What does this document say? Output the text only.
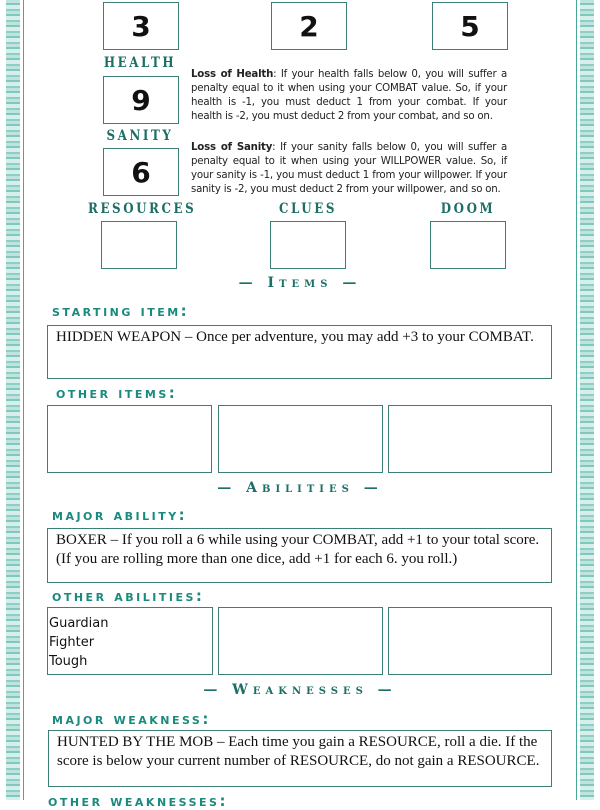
3	2	5
HEALTH
9
SANITY
6
Loss of Health: If your health falls below 0, you will suffer a penalty equal to it when using your COMBAT value. So, if your health is -1, you must deduct 1 from your combat. If your health is -2, you must deduct 2 from your combat, and so on.
Loss of Sanity: If your sanity falls below 0, you will suffer a penalty equal to it when using your WILLPOWER value. So, if your sanity is -1, you must deduct 1 from your willpower. If your sanity is -2, you must deduct 2 from your willpower, and so on.
RESOURCES	CLUES	DOOM
— Items —
starting item:
HIDDEN WEAPON – Once per adventure, you may add +3 to your COMBAT.
other items:
— Abilities —
major ability:
BOXER – If you roll a 6 while using your COMBAT, add +1 to your total score. (If you are rolling more than one dice, add +1 for each 6. you roll.)
other abilities:
Guardian
Fighter
Tough
— Weaknesses —
major weakness:
HUNTED BY THE MOB – Each time you gain a RESOURCE, roll a die. If the score is below your current number of RESOURCE, do not gain a RESOURCE.
other weaknesses:
